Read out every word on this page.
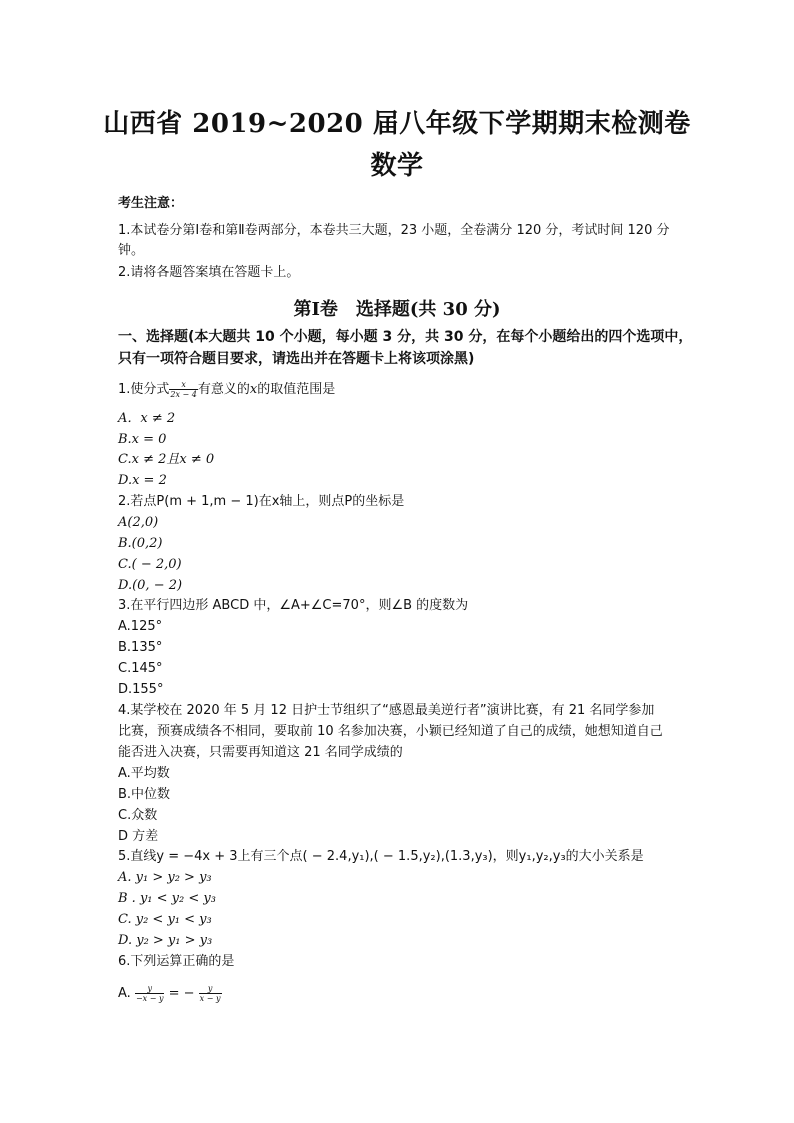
山西省 2019~2020 届八年级下学期期末检测卷
数学
考生注意：
1.本试卷分第Ⅰ卷和第Ⅱ卷两部分，本卷共三大题，23 小题，全卷满分 120 分，考试时间 120 分钟。
2.请将各题答案填在答题卡上。
第Ⅰ卷　选择题(共 30 分)
一、选择题(本大题共 10 个小题，每小题 3 分，共 30 分，在每个小题给出的四个选项中，只有一项符合题目要求，请选出并在答题卡上将该项涂黑)
1.使分式 $\frac{x}{2x - 4}$ 有意义的x的取值范围是
A．x ≠ 2
B.x = 0
C.x ≠ 2且x ≠ 0
D.x = 2
2.若点P(m + 1,m − 1)在x轴上，则点P的坐标是
A(2,0)
B.(0,2)
C.( − 2,0)
D.(0, − 2)
3.在平行四边形 ABCD 中，∠A+∠C=70°，则∠B 的度数为
A.125°
B.135°
C.145°
D.155°
4.某学校在 2020 年 5 月 12 日护士节组织了“感恩最美逆行者”演讲比赛，有 21 名同学参加
比赛，预赛成绩各不相同，要取前 10 名参加决赛，小颖已经知道了自己的成绩，她想知道自己
能否进入决赛，只需要再知道这 21 名同学成绩的
A.平均数
B.中位数
C.众数
D 方差
5.直线y = −4x + 3上有三个点( − 2.4,y₁),( − 1.5,y₂),(1.3,y₃)，则y₁,y₂,y₃的大小关系是
A. y₁ > y₂ > y₃
B . y₁ < y₂ < y₃
C. y₂ < y₁ < y₃
D. y₂ > y₁ > y₃
6.下列运算正确的是
A. $\frac{y}{-x - y}$ = − $\frac{y}{x - y}$
